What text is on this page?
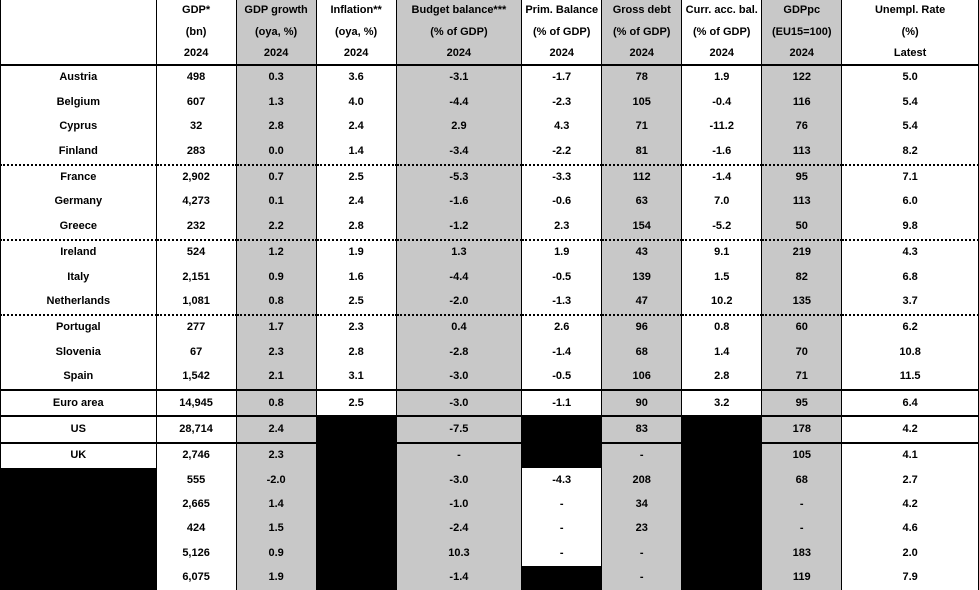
	GDP*	GDP growth	Inflation**	Budget balance***	Prim. Balance	Gross debt	Curr. acc. bal.	GDPpc	Unempl. Rate
	(bn)	(oya, %)	(oya, %)	(% of GDP)	(% of GDP)	(% of GDP)	(% of GDP)	(EU15=100)	(%)
	2024	2024	2024	2024	2024	2024	2024	2024	Latest
Austria	498	0.3	3.6	-3.1	-1.7	78	1.9	122	5.0
Belgium	607	1.3	4.0	-4.4	-2.3	105	-0.4	116	5.4
Cyprus	32	2.8	2.4	2.9	4.3	71	-11.2	76	5.4
Finland	283	0.0	1.4	-3.4	-2.2	81	-1.6	113	8.2
France	2,902	0.7	2.5	-5.3	-3.3	112	-1.4	95	7.1
Germany	4,273	0.1	2.4	-1.6	-0.6	63	7.0	113	6.0
Greece	232	2.2	2.8	-1.2	2.3	154	-5.2	50	9.8
Ireland	524	1.2	1.9	1.3	1.9	43	9.1	219	4.3
Italy	2,151	0.9	1.6	-4.4	-0.5	139	1.5	82	6.8
Netherlands	1,081	0.8	2.5	-2.0	-1.3	47	10.2	135	3.7
Portugal	277	1.7	2.3	0.4	2.6	96	0.8	60	6.2
Slovenia	67	2.3	2.8	-2.8	-1.4	68	1.4	70	10.8
Spain	1,542	2.1	3.1	-3.0	-0.5	106	2.8	71	11.5
Euro area	14,945	0.8	2.5	-3.0	-1.1	90	3.2	95	6.4
US	28,714	2.4		-7.5		83		178	4.2
UK	2,746	2.3		-		-		105	4.1
	555	-2.0		-3.0	-4.3	208		68	2.7
	2,665	1.4		-1.0	-	34		-	4.2
	424	1.5		-2.4	-	23		-	4.6
	5,126	0.9		10.3	-	-		183	2.0
	6,075	1.9		-1.4		-		119	7.9
